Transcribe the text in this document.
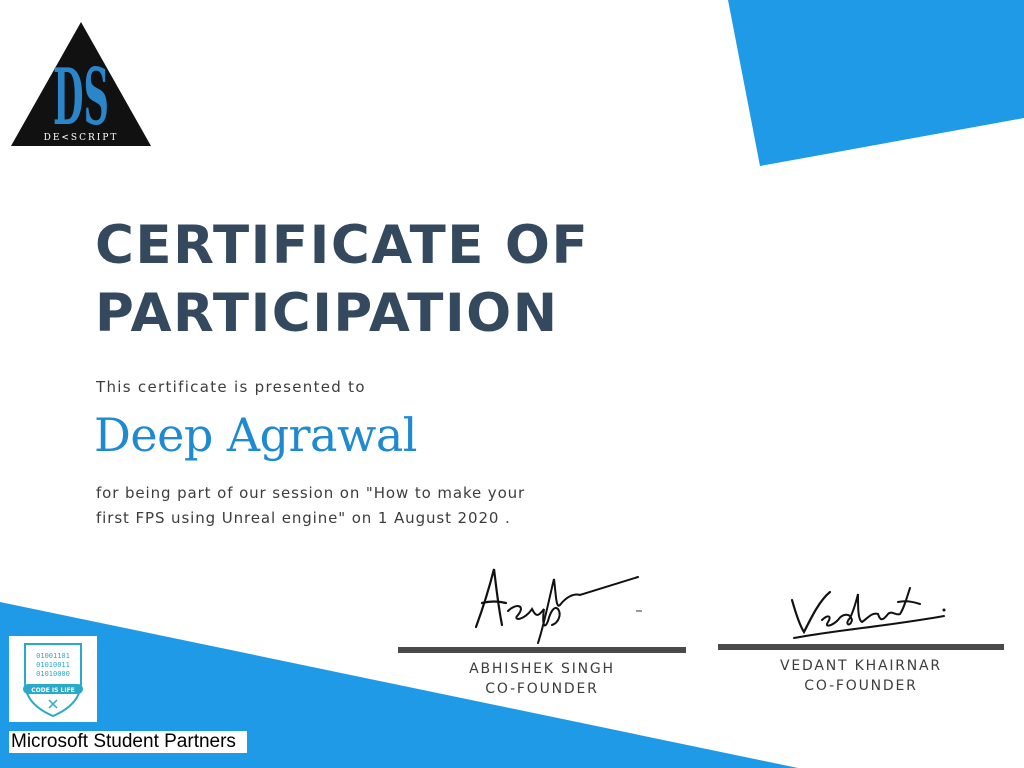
DS
DE<SCRIPT
CERTIFICATE OF
PARTICIPATION
This certificate is presented to
Deep Agrawal
for being part of our session on "How to make your first FPS using Unreal engine" on 1 August 2020 .
ABHISHEK SINGH
CO-FOUNDER
VEDANT KHAIRNAR
CO-FOUNDER
01001101
01010011
01010000
CODE IS LIFE
Microsoft Student Partners
